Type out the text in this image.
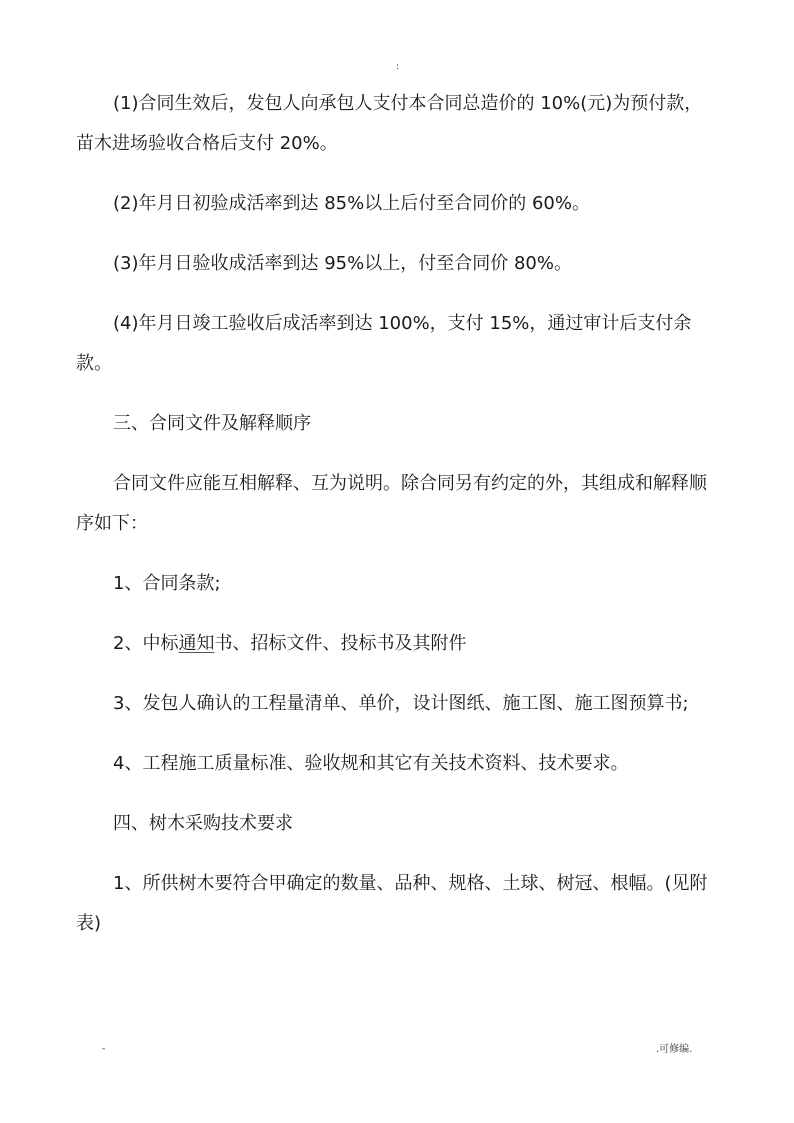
:

(1)合同生效后，发包人向承包人支付本合同总造价的 10%(元)为预付款，苗木进场验收合格后支付 20%。

(2)年月日初验成活率到达 85%以上后付至合同价的 60%。

(3)年月日验收成活率到达 95%以上，付至合同价 80%。

(4)年月日竣工验收后成活率到达 100%，支付 15%，通过审计后支付余款。

三、合同文件及解释顺序

合同文件应能互相解释、互为说明。除合同另有约定的外，其组成和解释顺序如下：

1、合同条款;

2、中标通知书、招标文件、投标书及其附件

3、发包人确认的工程量清单、单价，设计图纸、施工图、施工图预算书;

4、工程施工质量标准、验收规和其它有关技术资料、技术要求。

四、树木采购技术要求

1、所供树木要符合甲确定的数量、品种、规格、土球、树冠、根幅。(见附表)

-	.可修编.
